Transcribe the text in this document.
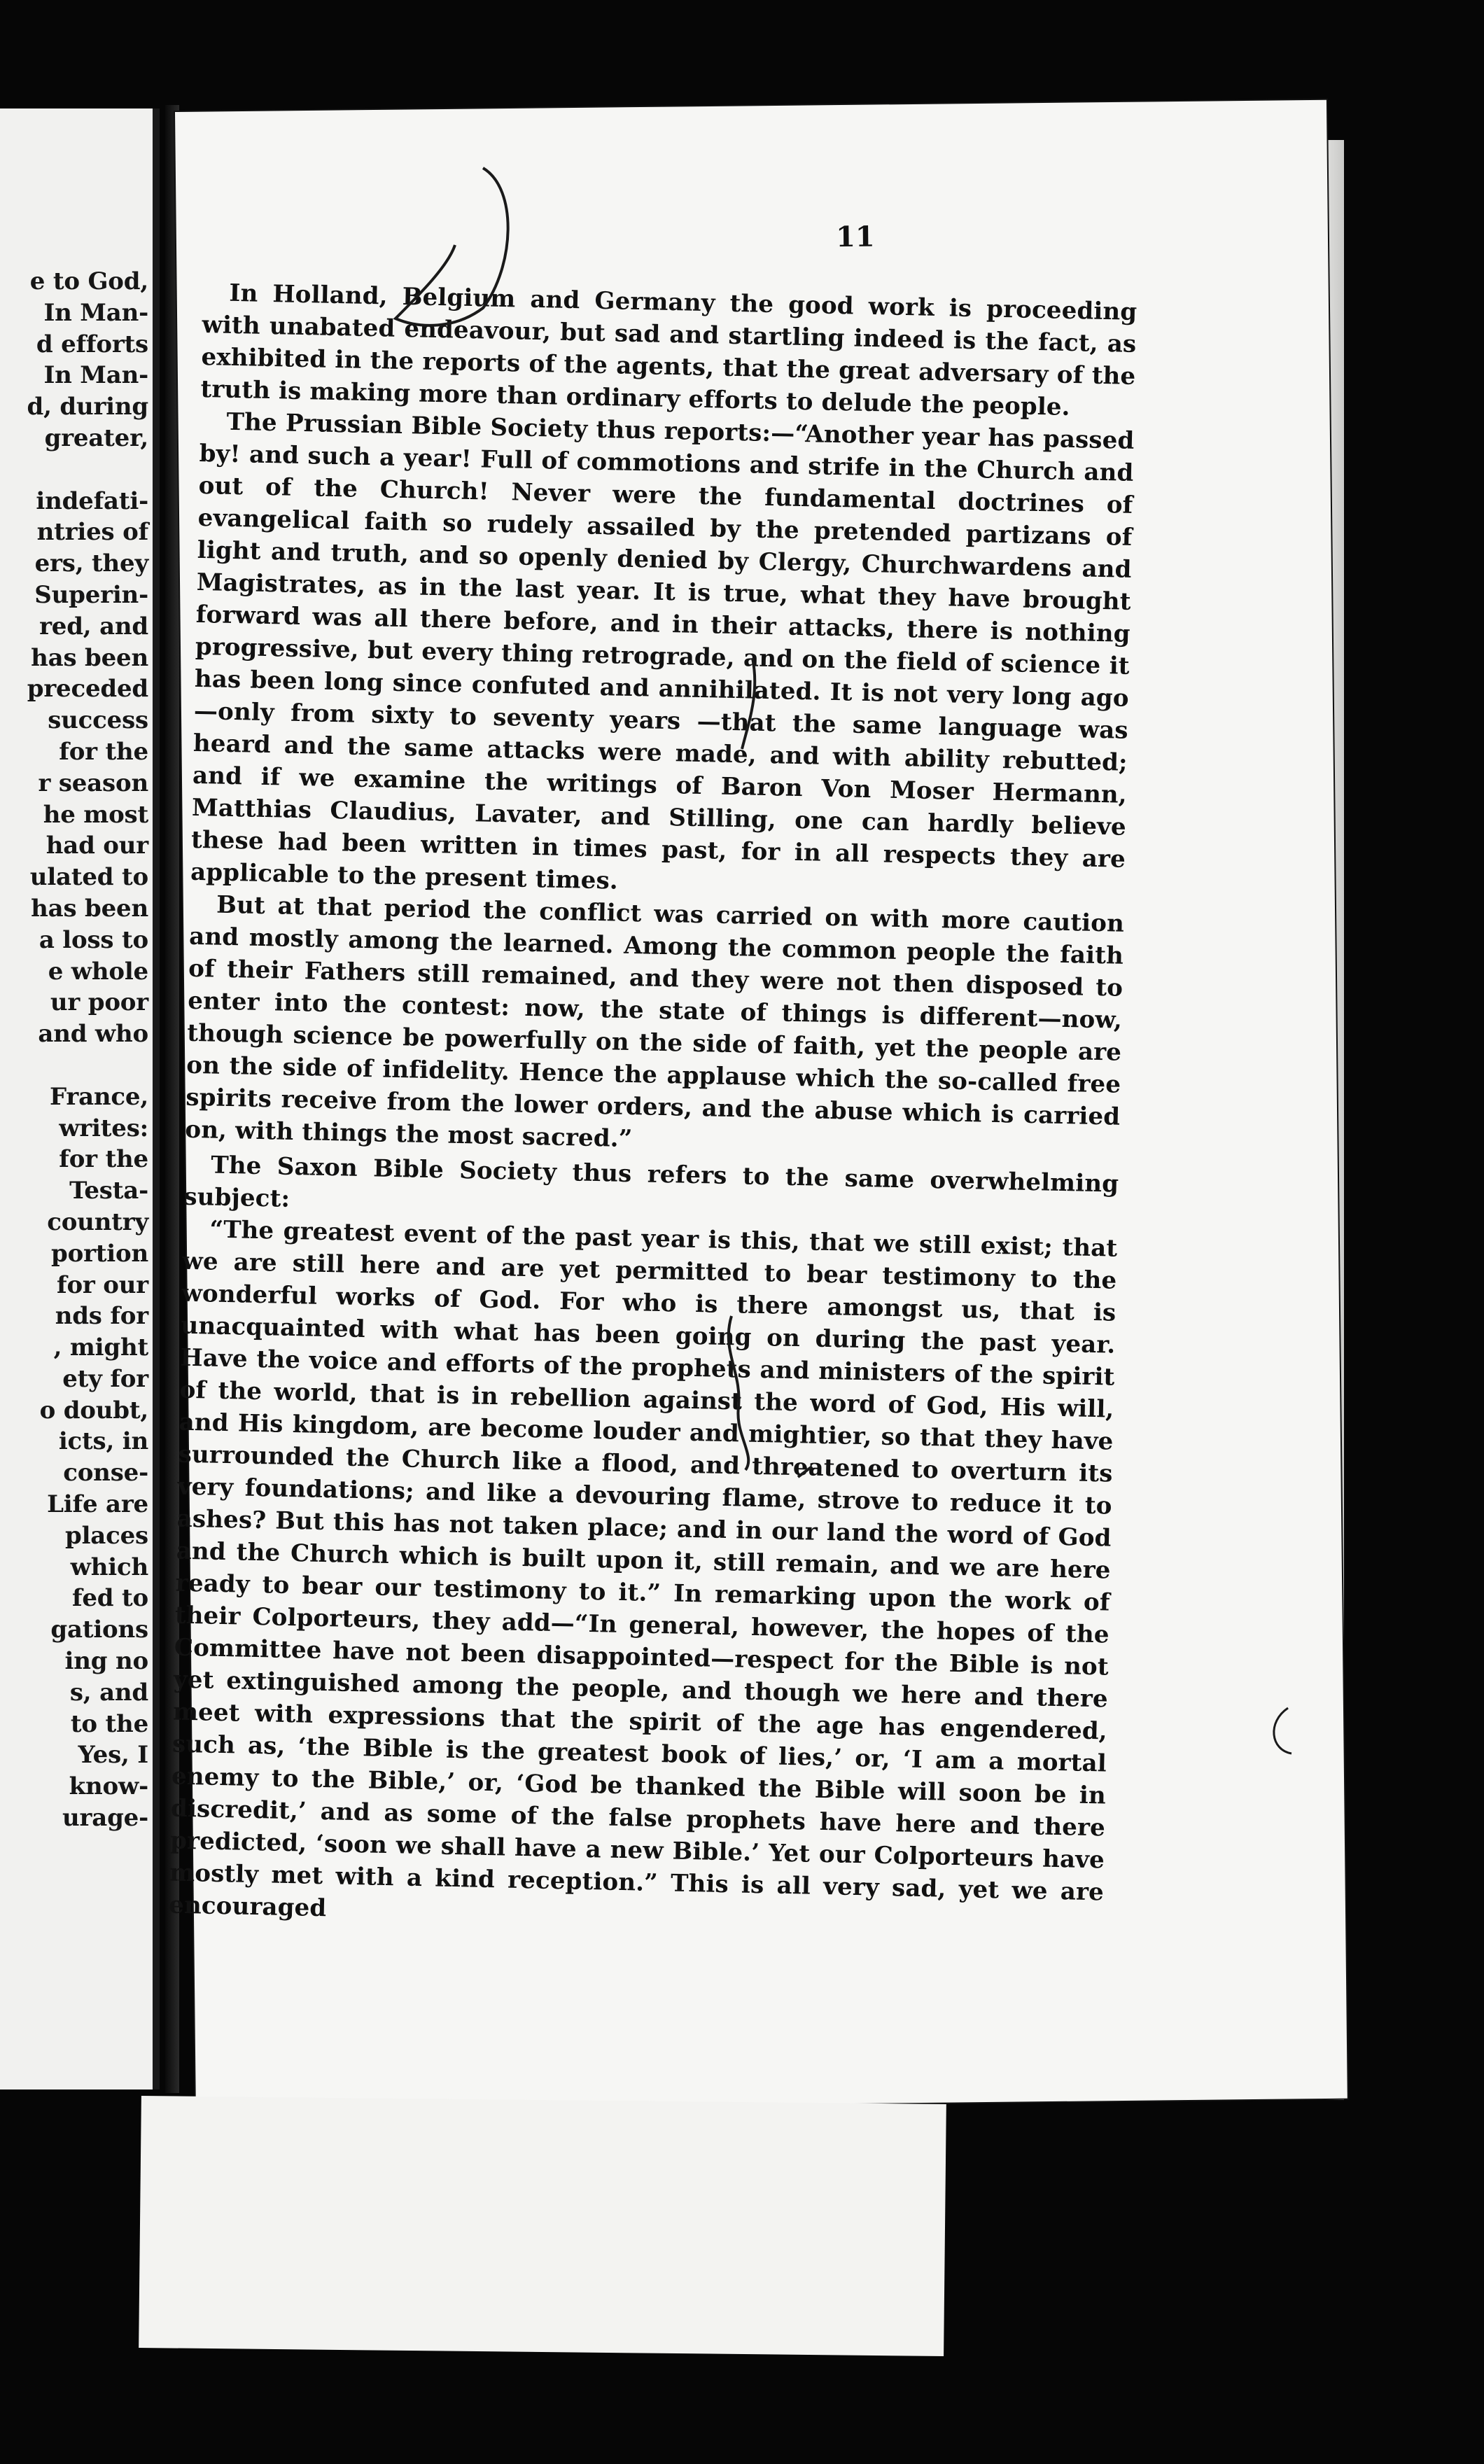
e to God,
In Man-
d efforts
In Man-
d, during
greater,
indefati-
ntries of
ers, they
Superin-
red, and
has been
preceded
success
for the
r season
he most
had our
ulated to
has been
a loss to
e whole
ur poor
and who
France,
writes:
for the
Testa-
country
portion
for our
nds for
, might
ety for
o doubt,
icts, in
conse-
Life are
places
which
fed to
gations
ing no
s, and
to the
Yes, I
know-
urage-
11

In Holland, Belgium and Germany the good work is proceeding with unabated endeavour, but sad and startling indeed is the fact, as exhibited in the reports of the agents, that the great adversary of the truth is making more than ordinary efforts to delude the people.

The Prussian Bible Society thus reports:—“Another year has passed by! and such a year! Full of commotions and strife in the Church and out of the Church! Never were the fundamental doctrines of evangelical faith so rudely assailed by the pretended partizans of light and truth, and so openly denied by Clergy, Churchwardens and Magistrates, as in the last year. It is true, what they have brought forward was all there before, and in their attacks, there is nothing progressive, but every thing retrograde, and on the field of science it has been long since confuted and annihilated. It is not very long ago—only from sixty to seventy years —that the same language was heard and the same attacks were made, and with ability rebutted; and if we examine the writings of Baron Von Moser Hermann, Matthias Claudius, Lavater, and Stilling, one can hardly believe these had been written in times past, for in all respects they are applicable to the present times.

But at that period the conflict was carried on with more caution and mostly among the learned. Among the common people the faith of their Fathers still remained, and they were not then disposed to enter into the contest: now, the state of things is different—now, though science be powerfully on the side of faith, yet the people are on the side of infidelity. Hence the applause which the so-called free spirits receive from the lower orders, and the abuse which is carried on, with things the most sacred.”

The Saxon Bible Society thus refers to the same overwhelming subject:

“The greatest event of the past year is this, that we still exist; that we are still here and are yet permitted to bear testimony to the wonderful works of God. For who is there amongst us, that is unacquainted with what has been going on during the past year. Have the voice and efforts of the prophets and ministers of the spirit of the world, that is in rebellion against the word of God, His will, and His kingdom, are become louder and mightier, so that they have surrounded the Church like a flood, and threatened to overturn its very foundations; and like a devouring flame, strove to reduce it to ashes? But this has not taken place; and in our land the word of God and the Church which is built upon it, still remain, and we are here ready to bear our testimony to it.” In remarking upon the work of their Colporteurs, they add—“In general, however, the hopes of the Committee have not been disappointed—respect for the Bible is not yet extinguished among the people, and though we here and there meet with expressions that the spirit of the age has engendered, such as, ‘the Bible is the greatest book of lies,’ or, ‘I am a mortal enemy to the Bible,’ or, ‘God be thanked the Bible will soon be in discredit,’ and as some of the false prophets have here and there predicted, ‘soon we shall have a new Bible.’ Yet our Colporteurs have mostly met with a kind reception.” This is all very sad, yet we are encouraged
